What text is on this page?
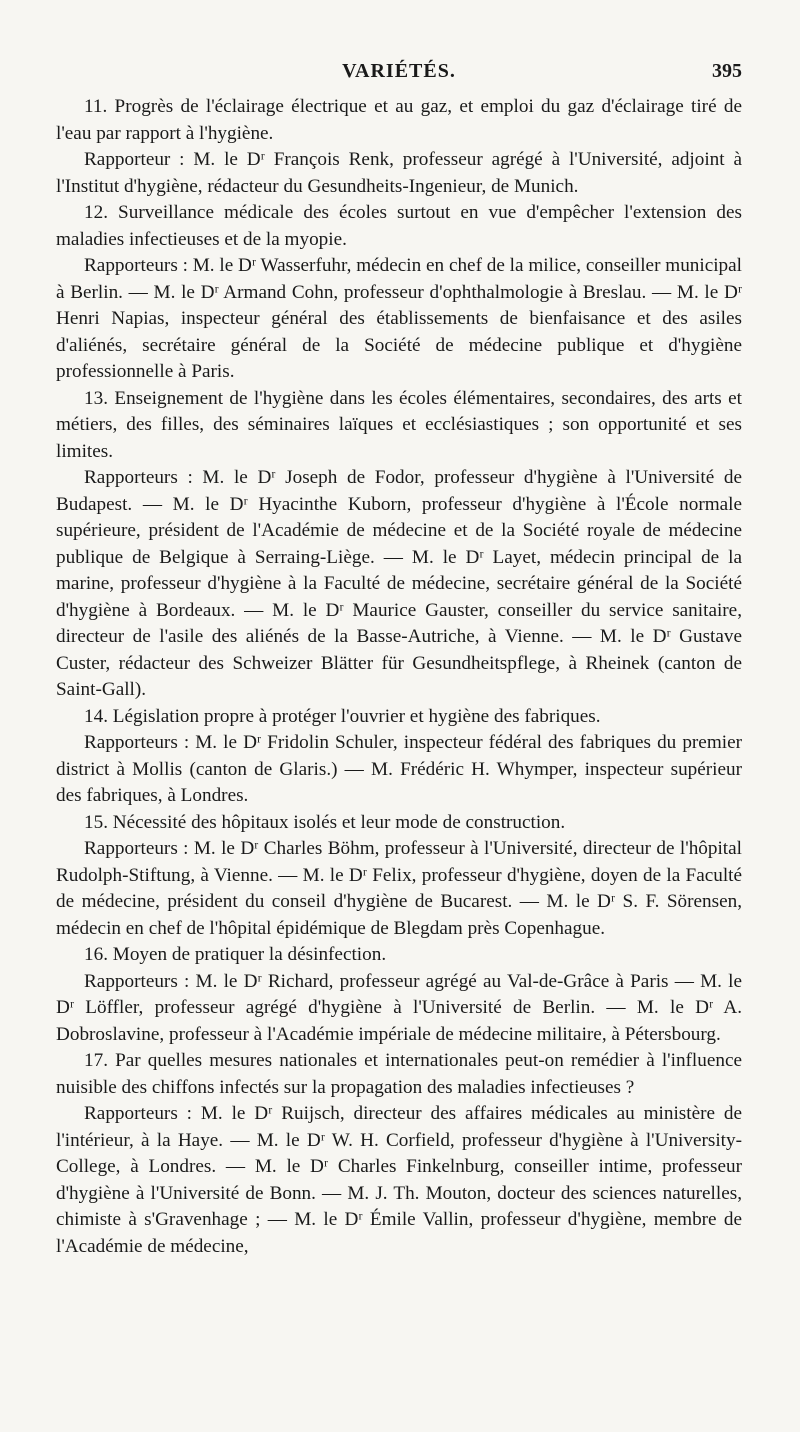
VARIÉTÉS.	395

11. Progrès de l'éclairage électrique et au gaz, et emploi du gaz d'éclairage tiré de l'eau par rapport à l'hygiène.

Rapporteur : M. le Dʳ François Renk, professeur agrégé à l'Université, adjoint à l'Institut d'hygiène, rédacteur du Gesundheits-Ingenieur, de Munich.

12. Surveillance médicale des écoles surtout en vue d'empêcher l'extension des maladies infectieuses et de la myopie.

Rapporteurs : M. le Dʳ Wasserfuhr, médecin en chef de la milice, conseiller municipal à Berlin. — M. le Dʳ Armand Cohn, professeur d'ophthalmologie à Breslau. — M. le Dʳ Henri Napias, inspecteur général des établissements de bienfaisance et des asiles d'aliénés, secrétaire général de la Société de médecine publique et d'hygiène professionnelle à Paris.

13. Enseignement de l'hygiène dans les écoles élémentaires, secondaires, des arts et métiers, des filles, des séminaires laïques et ecclésiastiques ; son opportunité et ses limites.

Rapporteurs : M. le Dʳ Joseph de Fodor, professeur d'hygiène à l'Université de Budapest. — M. le Dʳ Hyacinthe Kuborn, professeur d'hygiène à l'École normale supérieure, président de l'Académie de médecine et de la Société royale de médecine publique de Belgique à Serraing-Liège. — M. le Dʳ Layet, médecin principal de la marine, professeur d'hygiène à la Faculté de médecine, secrétaire général de la Société d'hygiène à Bordeaux. — M. le Dʳ Maurice Gauster, conseiller du service sanitaire, directeur de l'asile des aliénés de la Basse-Autriche, à Vienne. — M. le Dʳ Gustave Custer, rédacteur des Schweizer Blätter für Gesundheitspflege, à Rheinek (canton de Saint-Gall).

14. Législation propre à protéger l'ouvrier et hygiène des fabriques.

Rapporteurs : M. le Dʳ Fridolin Schuler, inspecteur fédéral des fabriques du premier district à Mollis (canton de Glaris.) — M. Frédéric H. Whymper, inspecteur supérieur des fabriques, à Londres.

15. Nécessité des hôpitaux isolés et leur mode de construction.

Rapporteurs : M. le Dʳ Charles Böhm, professeur à l'Université, directeur de l'hôpital Rudolph-Stiftung, à Vienne. — M. le Dʳ Felix, professeur d'hygiène, doyen de la Faculté de médecine, président du conseil d'hygiène de Bucarest. — M. le Dʳ S. F. Sörensen, médecin en chef de l'hôpital épidémique de Blegdam près Copenhague.

16. Moyen de pratiquer la désinfection.

Rapporteurs : M. le Dʳ Richard, professeur agrégé au Val-de-Grâce à Paris — M. le Dʳ Löffler, professeur agrégé d'hygiène à l'Université de Berlin. — M. le Dʳ A. Dobroslavine, professeur à l'Académie impériale de médecine militaire, à Pétersbourg.

17. Par quelles mesures nationales et internationales peut-on remédier à l'influence nuisible des chiffons infectés sur la propagation des maladies infectieuses ?

Rapporteurs : M. le Dʳ Ruijsch, directeur des affaires médicales au ministère de l'intérieur, à la Haye. — M. le Dʳ W. H. Corfield, professeur d'hygiène à l'University-College, à Londres. — M. le Dʳ Charles Finkelnburg, conseiller intime, professeur d'hygiène à l'Université de Bonn. — M. J. Th. Mouton, docteur des sciences naturelles, chimiste à s'Gravenhage ; — M. le Dʳ Émile Vallin, professeur d'hygiène, membre de l'Académie de médecine,
